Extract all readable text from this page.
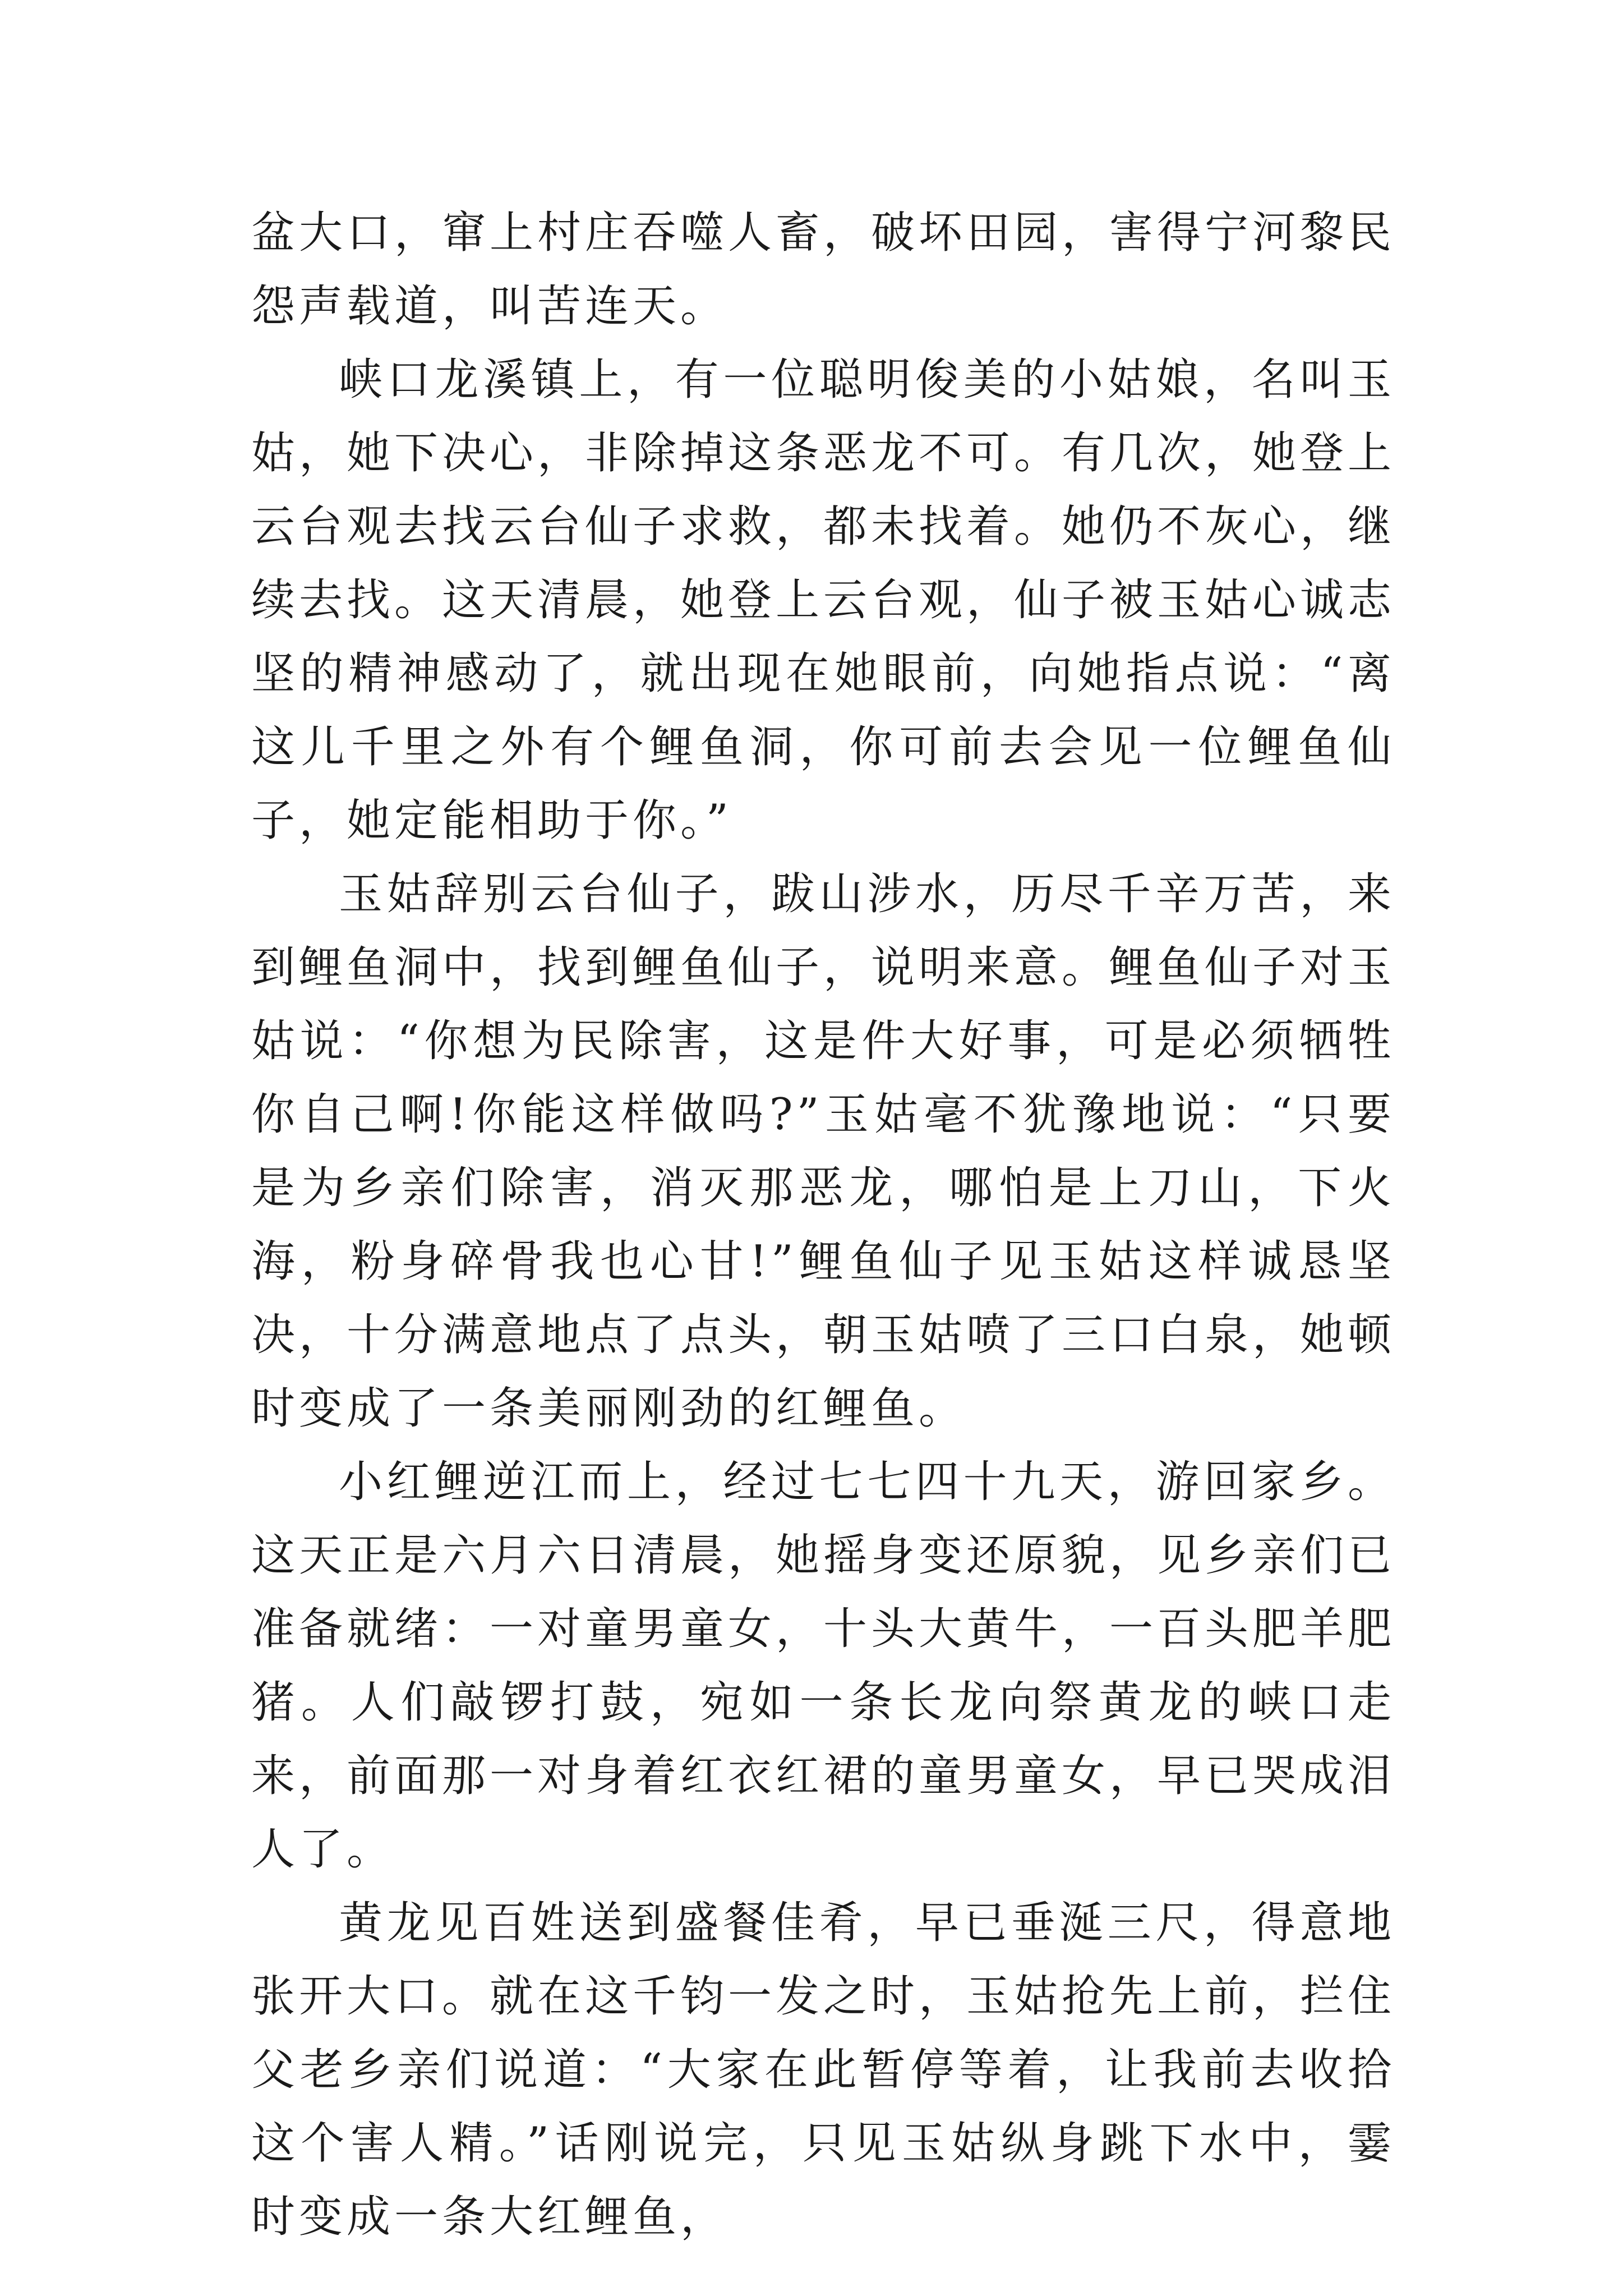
盆大口，窜上村庄吞噬人畜，破坏田园，害得宁河黎民怨声载道，叫苦连天。

峡口龙溪镇上，有一位聪明俊美的小姑娘，名叫玉姑，她下决心，非除掉这条恶龙不可。有几次，她登上云台观去找云台仙子求救，都未找着。她仍不灰心，继续去找。这天清晨，她登上云台观，仙子被玉姑心诚志坚的精神感动了，就出现在她眼前，向她指点说：“离这儿千里之外有个鲤鱼洞，你可前去会见一位鲤鱼仙子，她定能相助于你。”

玉姑辞别云台仙子，跋山涉水，历尽千辛万苦，来到鲤鱼洞中，找到鲤鱼仙子，说明来意。鲤鱼仙子对玉姑说：“你想为民除害，这是件大好事，可是必须牺牲你自己啊!你能这样做吗?”玉姑毫不犹豫地说：“只要是为乡亲们除害，消灭那恶龙，哪怕是上刀山，下火海，粉身碎骨我也心甘!”鲤鱼仙子见玉姑这样诚恳坚决，十分满意地点了点头，朝玉姑喷了三口白泉，她顿时变成了一条美丽刚劲的红鲤鱼。

小红鲤逆江而上，经过七七四十九天，游回家乡。这天正是六月六日清晨，她摇身变还原貌，见乡亲们已准备就绪：一对童男童女，十头大黄牛，一百头肥羊肥猪。人们敲锣打鼓，宛如一条长龙向祭黄龙的峡口走来，前面那一对身着红衣红裙的童男童女，早已哭成泪人了。

黄龙见百姓送到盛餐佳肴，早已垂涎三尺，得意地张开大口。就在这千钧一发之时，玉姑抢先上前，拦住父老乡亲们说道：“大家在此暂停等着，让我前去收拾这个害人精。”话刚说完，只见玉姑纵身跳下水中，霎时变成一条大红鲤鱼，
